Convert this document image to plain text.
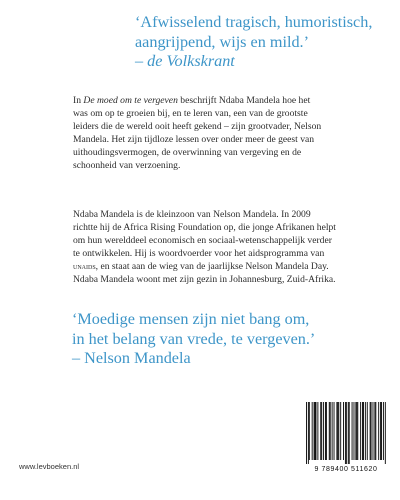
‘Afwisselend tragisch, humoristisch,
aangrijpend, wijs en mild.’
– de Volkskrant
In De moed om te vergeven beschrijft Ndaba Mandela hoe het
was om op te groeien bij, en te leren van, een van de grootste
leiders die de wereld ooit heeft gekend – zijn grootvader, Nelson
Mandela. Het zijn tijdloze lessen over onder meer de geest van
uithoudingsvermogen, de overwinning van vergeving en de
schoonheid van verzoening.
Ndaba Mandela is de kleinzoon van Nelson Mandela. In 2009
richtte hij de Africa Rising Foundation op, die jonge Afrikanen helpt
om hun werelddeel economisch en sociaal-wetenschappelijk verder
te ontwikkelen. Hij is woordvoerder voor het aidsprogramma van
unaids, en staat aan de wieg van de jaarlijkse Nelson Mandela Day.
Ndaba Mandela woont met zijn gezin in Johannesburg, Zuid-Afrika.
‘Moedige mensen zijn niet bang om,
in het belang van vrede, te vergeven.’
– Nelson Mandela
www.levboeken.nl	9 789400 511620
